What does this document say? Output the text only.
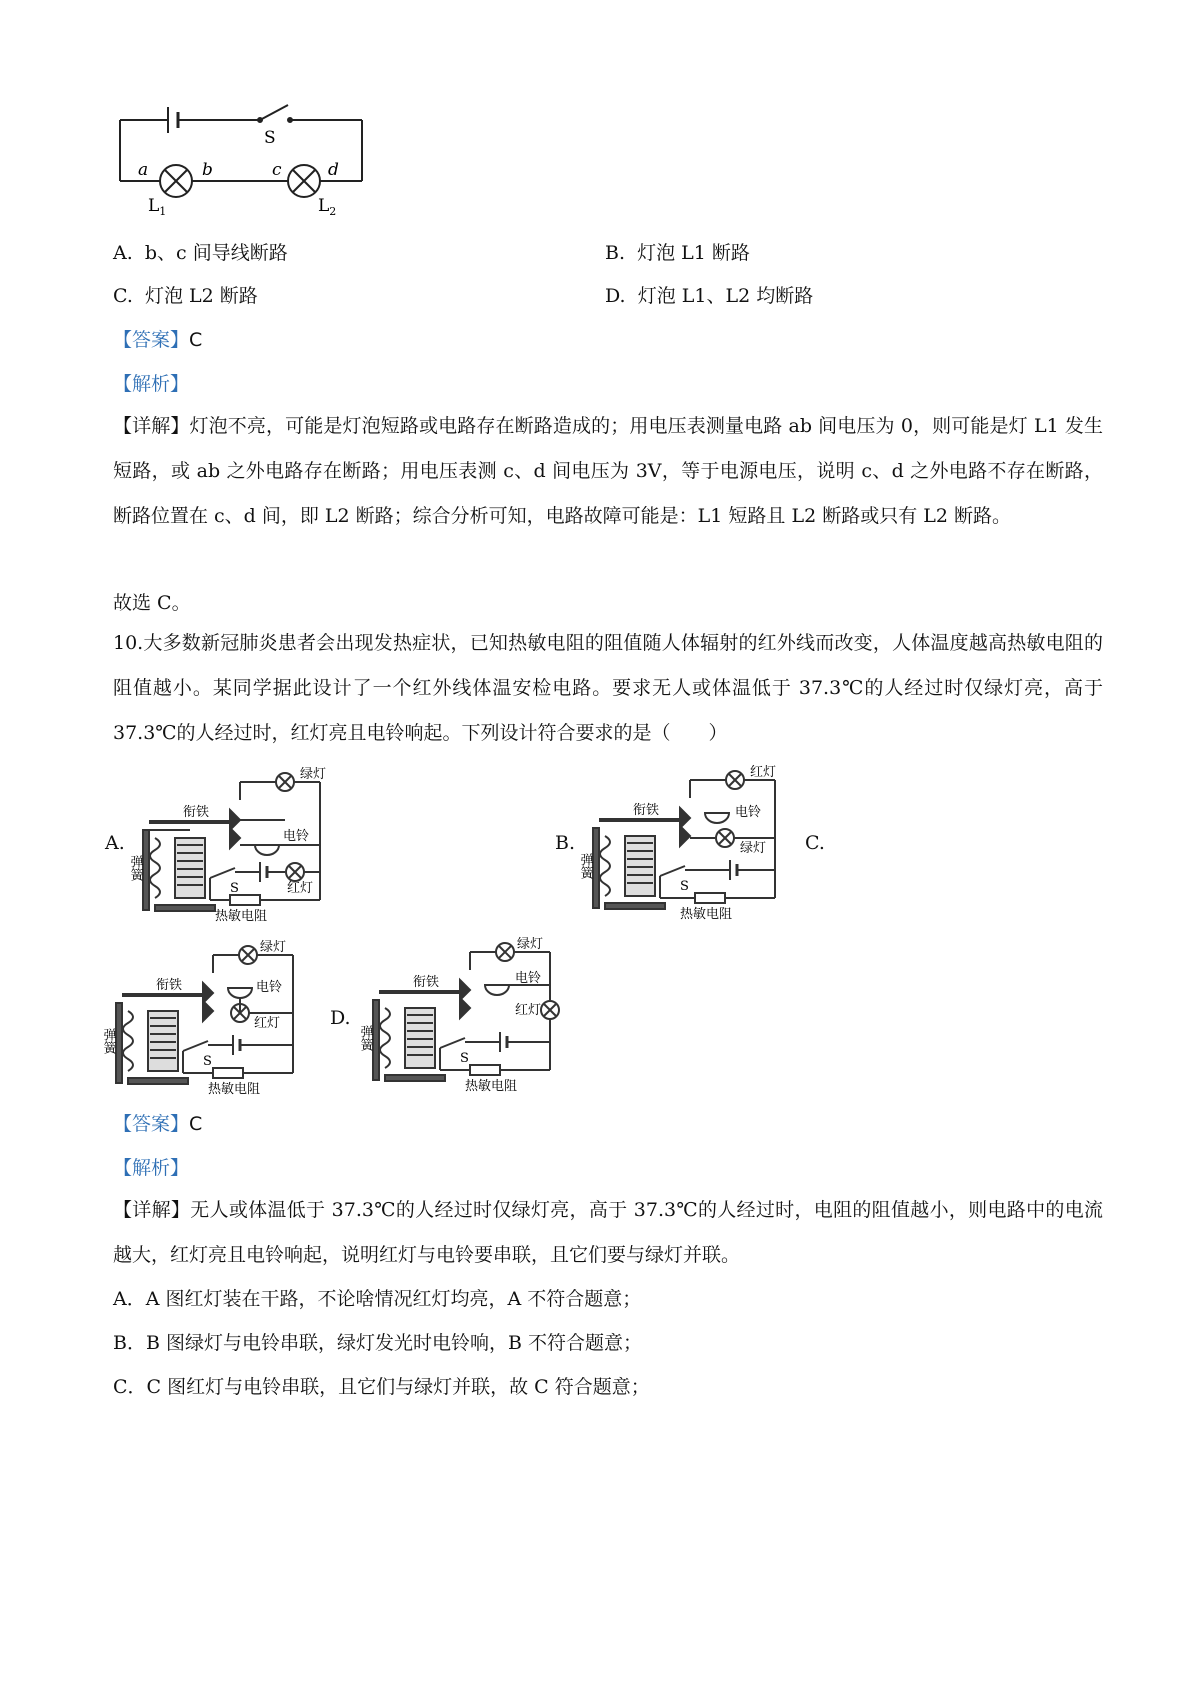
S
a	b	c	d
$L_1$	$L_2$
A. b、c 间导线断路	B. 灯泡 L1 断路
C. 灯泡 L2 断路	D. 灯泡 L1、L2 均断路
【答案】C
【解析】
【详解】灯泡不亮，可能是灯泡短路或电路存在断路造成的；用电压表测量电路 ab 间电压为 0，则可能是灯 L1 发生短路，或 ab 之外电路存在断路；用电压表测 c、d 间电压为 3V，等于电源电压，说明 c、d 之外电路不存在断路，断路位置在 c、d 间，即 L2 断路；综合分析可知，电路故障可能是：L1 短路且 L2 断路或只有 L2 断路。
故选 C。
10.大多数新冠肺炎患者会出现发热症状，已知热敏电阻的阻值随人体辐射的红外线而改变，人体温度越高热敏电阻的阻值越小。某同学据此设计了一个红外线体温安检电路。要求无人或体温低于 37.3℃的人经过时仅绿灯亮，高于 37.3℃的人经过时，红灯亮且电铃响起。下列设计符合要求的是（　　）
A.	B.	C.
D.
衔铁
绿灯
电铃
红灯
S
热敏电阻
弹簧
衔铁
红灯
电铃
绿灯
S
热敏电阻
弹簧
衔铁
绿灯
电铃
红灯
S
热敏电阻
弹簧
衔铁
绿灯
电铃
红灯
S
热敏电阻
弹簧
【答案】C
【解析】
【详解】无人或体温低于 37.3℃的人经过时仅绿灯亮，高于 37.3℃的人经过时，电阻的阻值越小，则电路中的电流越大，红灯亮且电铃响起，说明红灯与电铃要串联，且它们要与绿灯并联。
A．A 图红灯装在干路，不论啥情况红灯均亮，A 不符合题意；
B．B 图绿灯与电铃串联，绿灯发光时电铃响，B 不符合题意；
C．C 图红灯与电铃串联，且它们与绿灯并联，故 C 符合题意；
